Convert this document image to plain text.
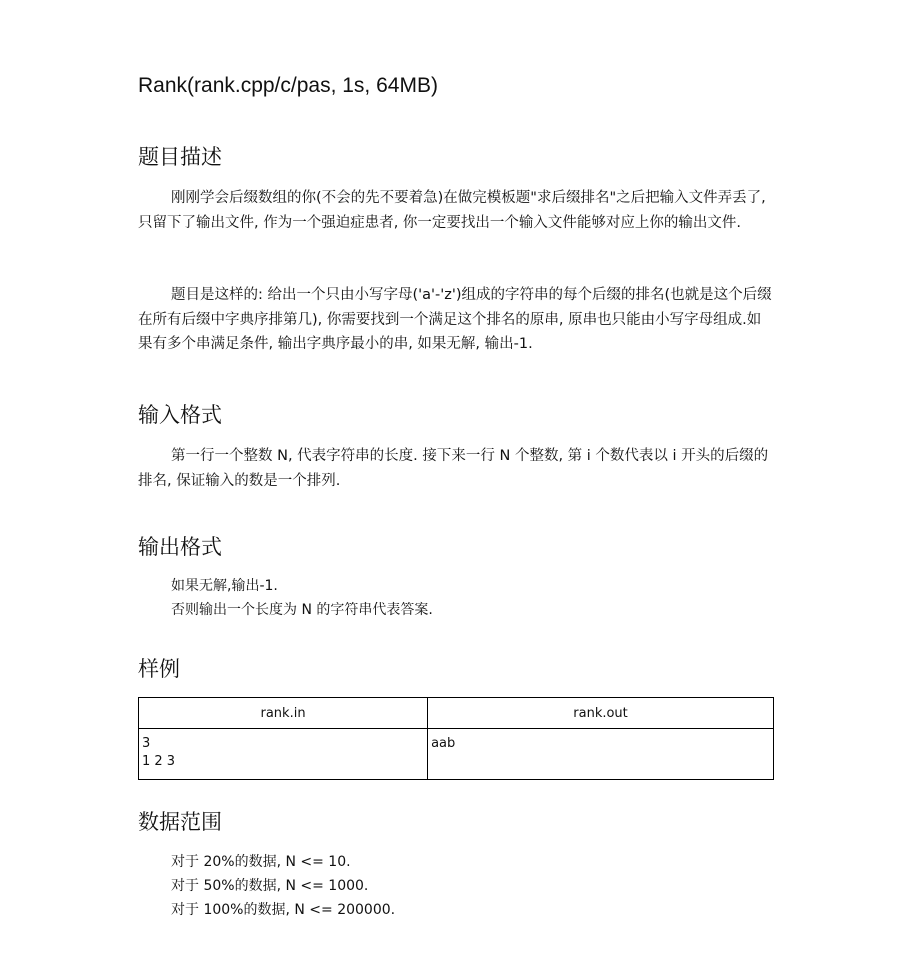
Rank(rank.cpp/c/pas, 1s, 64MB)
题目描述

刚刚学会后缀数组的你(不会的先不要着急)在做完模板题"求后缀排名"之后把输入文件弄丢了, 只留下了输出文件, 作为一个强迫症患者, 你一定要找出一个输入文件能够对应上你的输出文件.

题目是这样的: 给出一个只由小写字母('a'-'z')组成的字符串的每个后缀的排名(也就是这个后缀在所有后缀中字典序排第几), 你需要找到一个满足这个排名的原串, 原串也只能由小写字母组成.如果有多个串满足条件, 输出字典序最小的串, 如果无解, 输出-1.

输入格式

第一行一个整数 N, 代表字符串的长度. 接下来一行 N 个整数, 第 i 个数代表以 i 开头的后缀的排名, 保证输入的数是一个排列.

输出格式
如果无解,输出-1.
否则输出一个长度为 N 的字符串代表答案.
样例
rank.in	rank.out

3
1 2 3	aab
数据范围
对于 20%的数据, N <= 10.
对于 50%的数据, N <= 1000.
对于 100%的数据, N <= 200000.
